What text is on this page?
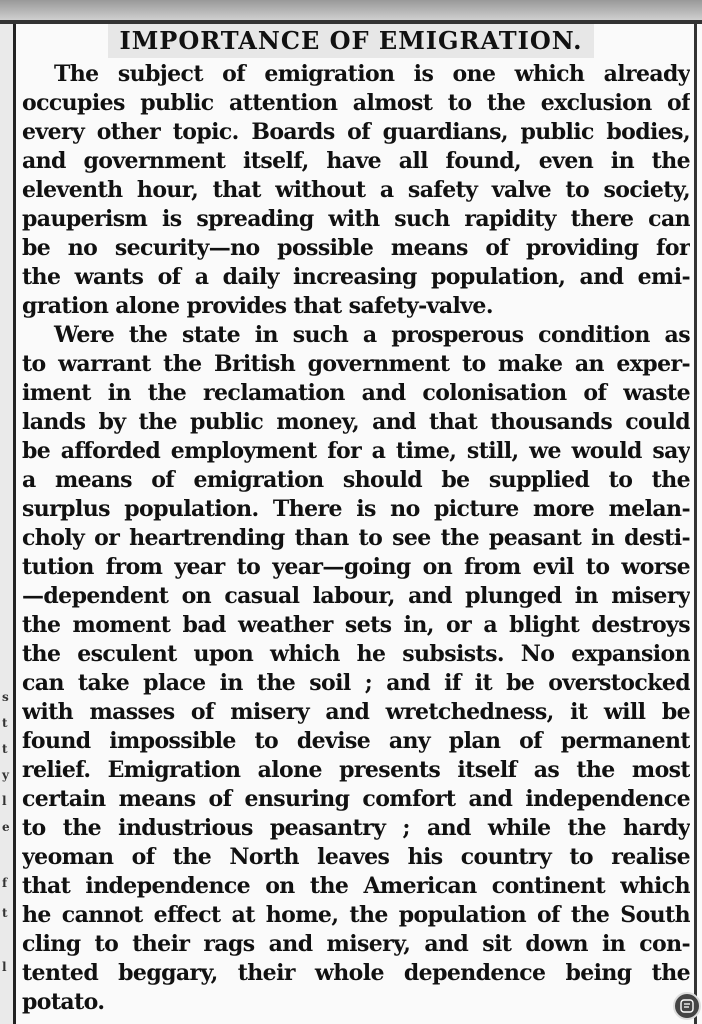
s
t
t
y
l
e
f
t
l
IMPORTANCE OF EMIGRATION.
The subject of emigration is one which already
occupies public attention almost to the exclusion of
every other topic. Boards of guardians, public bodies,
and government itself, have all found, even in the
eleventh hour, that without a safety valve to society,
pauperism is spreading with such rapidity there can
be no security—no possible means of providing for
the wants of a daily increasing population, and emi-
gration alone provides that safety-valve.
Were the state in such a prosperous condition as
to warrant the British government to make an exper-
iment in the reclamation and colonisation of waste
lands by the public money, and that thousands could
be afforded employment for a time, still, we would say
a means of emigration should be supplied to the
surplus population. There is no picture more melan-
choly or heartrending than to see the peasant in desti-
tution from year to year—going on from evil to worse
—dependent on casual labour, and plunged in misery
the moment bad weather sets in, or a blight destroys
the esculent upon which he subsists. No expansion
can take place in the soil ; and if it be overstocked
with masses of misery and wretchedness, it will be
found impossible to devise any plan of permanent
relief. Emigration alone presents itself as the most
certain means of ensuring comfort and independence
to the industrious peasantry ; and while the hardy
yeoman of the North leaves his country to realise
that independence on the American continent which
he cannot effect at home, the population of the South
cling to their rags and misery, and sit down in con-
tented beggary, their whole dependence being the
potato.
